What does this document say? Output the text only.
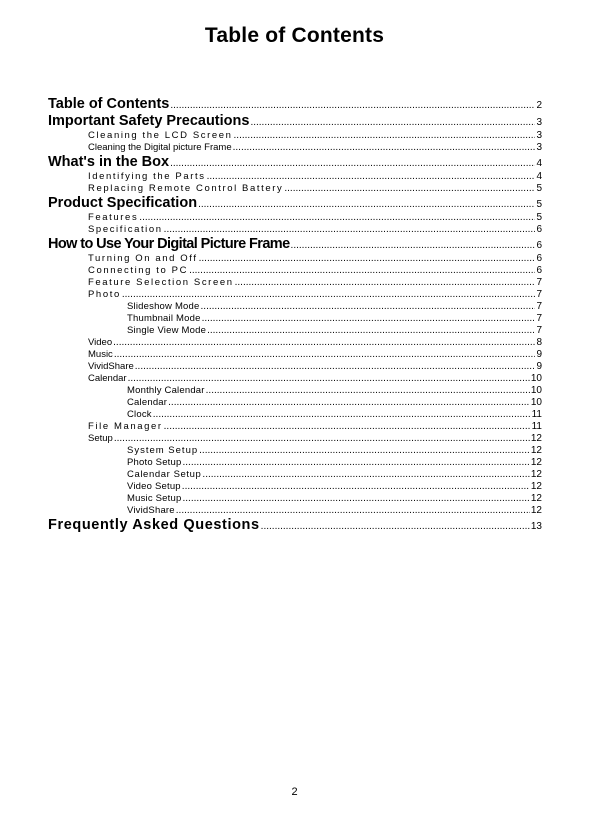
Table of Contents
Table of Contents .....	2
Important Safety Precautions .....	3
Cleaning the LCD Screen .....	3
Cleaning the Digital picture Frame .....	3
What's in the Box .....	4
Identifying the Parts .....	4
Replacing Remote Control Battery .....	5
Product Specification .....	5
Features .....	5
Specification .....	6
How to Use Your Digital Picture Frame .....	6
Turning On and Off .....	6
Connecting to PC .....	6
Feature Selection Screen .....	7
Photo .....	7
Slideshow Mode .....	7
Thumbnail Mode .....	7
Single View Mode .....	7
Video .....	8
Music .....	9
VividShare .....	9
Calendar .....	10
Monthly Calendar .....	10
Calendar .....	10
Clock .....	11
File Manager .....	11
Setup .....	12
System Setup .....	12
Photo Setup .....	12
Calendar Setup .....	12
Video Setup .....	12
Music Setup .....	12
VividShare .....	12
Frequently Asked Questions .....	13
2
